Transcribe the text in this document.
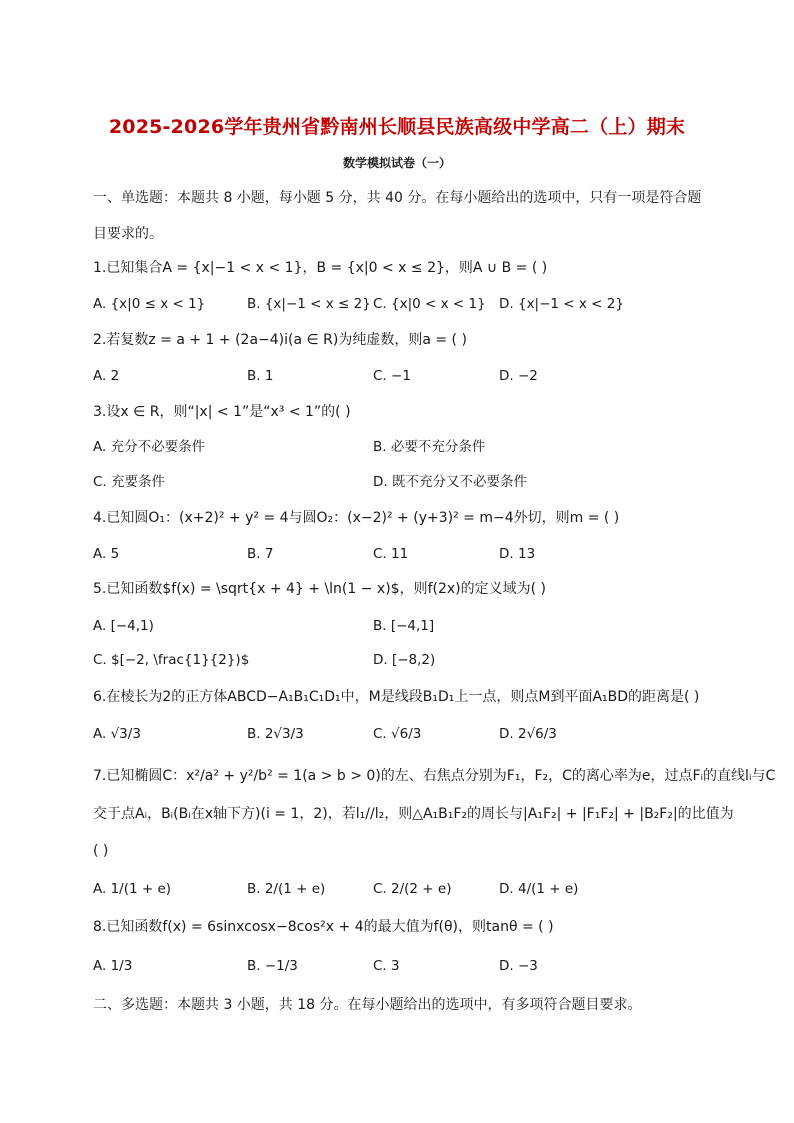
2025-2026学年贵州省黔南州长顺县民族高级中学高二（上）期末
数学模拟试卷（一）
一、单选题：本题共 8 小题，每小题 5 分，共 40 分。在每小题给出的选项中，只有一项是符合题
目要求的。
1.已知集合A = {x|−1 < x < 1}，B = {x|0 < x ≤ 2}，则A ∪ B = ( )
A. {x|0 ≤ x < 1}	B. {x|−1 < x ≤ 2} C. {x|0 < x < 1} D. {x|−1 < x < 2}
2.若复数z = a + 1 + (2a−4)i(a ∈ R)为纯虚数，则a = ( )
A. 2	B. 1	C. −1	D. −2
3.设x ∈ R，则“|x| < 1”是“x³ < 1”的( )
A. 充分不必要条件	B. 必要不充分条件
C. 充要条件	D. 既不充分又不必要条件
4.已知圆O₁：(x+2)² + y² = 4与圆O₂：(x−2)² + (y+3)² = m−4外切，则m = ( )
A. 5	B. 7	C. 11	D. 13
5.已知函数$f(x) = \sqrt{x + 4} + \ln(1 − x)$，则f(2x)的定义域为( )
A. [−4,1)	B. [−4,1]
C. $[−2, \frac{1}{2})$	D. [−8,2)
6.在棱长为2的正方体ABCD−A₁B₁C₁D₁中，M是线段B₁D₁上一点，则点M到平面A₁BD的距离是( )
A. √3/3	B. 2√3/3	C. √6/3	D. 2√6/3
7.已知椭圆C：x²/a² + y²/b² = 1(a > b > 0)的左、右焦点分别为F₁，F₂，C的离心率为e，过点Fᵢ的直线lᵢ与C
交于点Aᵢ，Bᵢ(Bᵢ在x轴下方)(i = 1，2)，若l₁//l₂，则△A₁B₁F₂的周长与|A₁F₂| + |F₁F₂| + |B₂F₂|的比值为
( )
A. 1/(1 + e)	B. 2/(1 + e)	C. 2/(2 + e)	D. 4/(1 + e)
8.已知函数f(x) = 6sinxcosx−8cos²x + 4的最大值为f(θ)，则tanθ = ( )
A. 1/3	B. −1/3	C. 3	D. −3
二、多选题：本题共 3 小题，共 18 分。在每小题给出的选项中，有多项符合题目要求。
